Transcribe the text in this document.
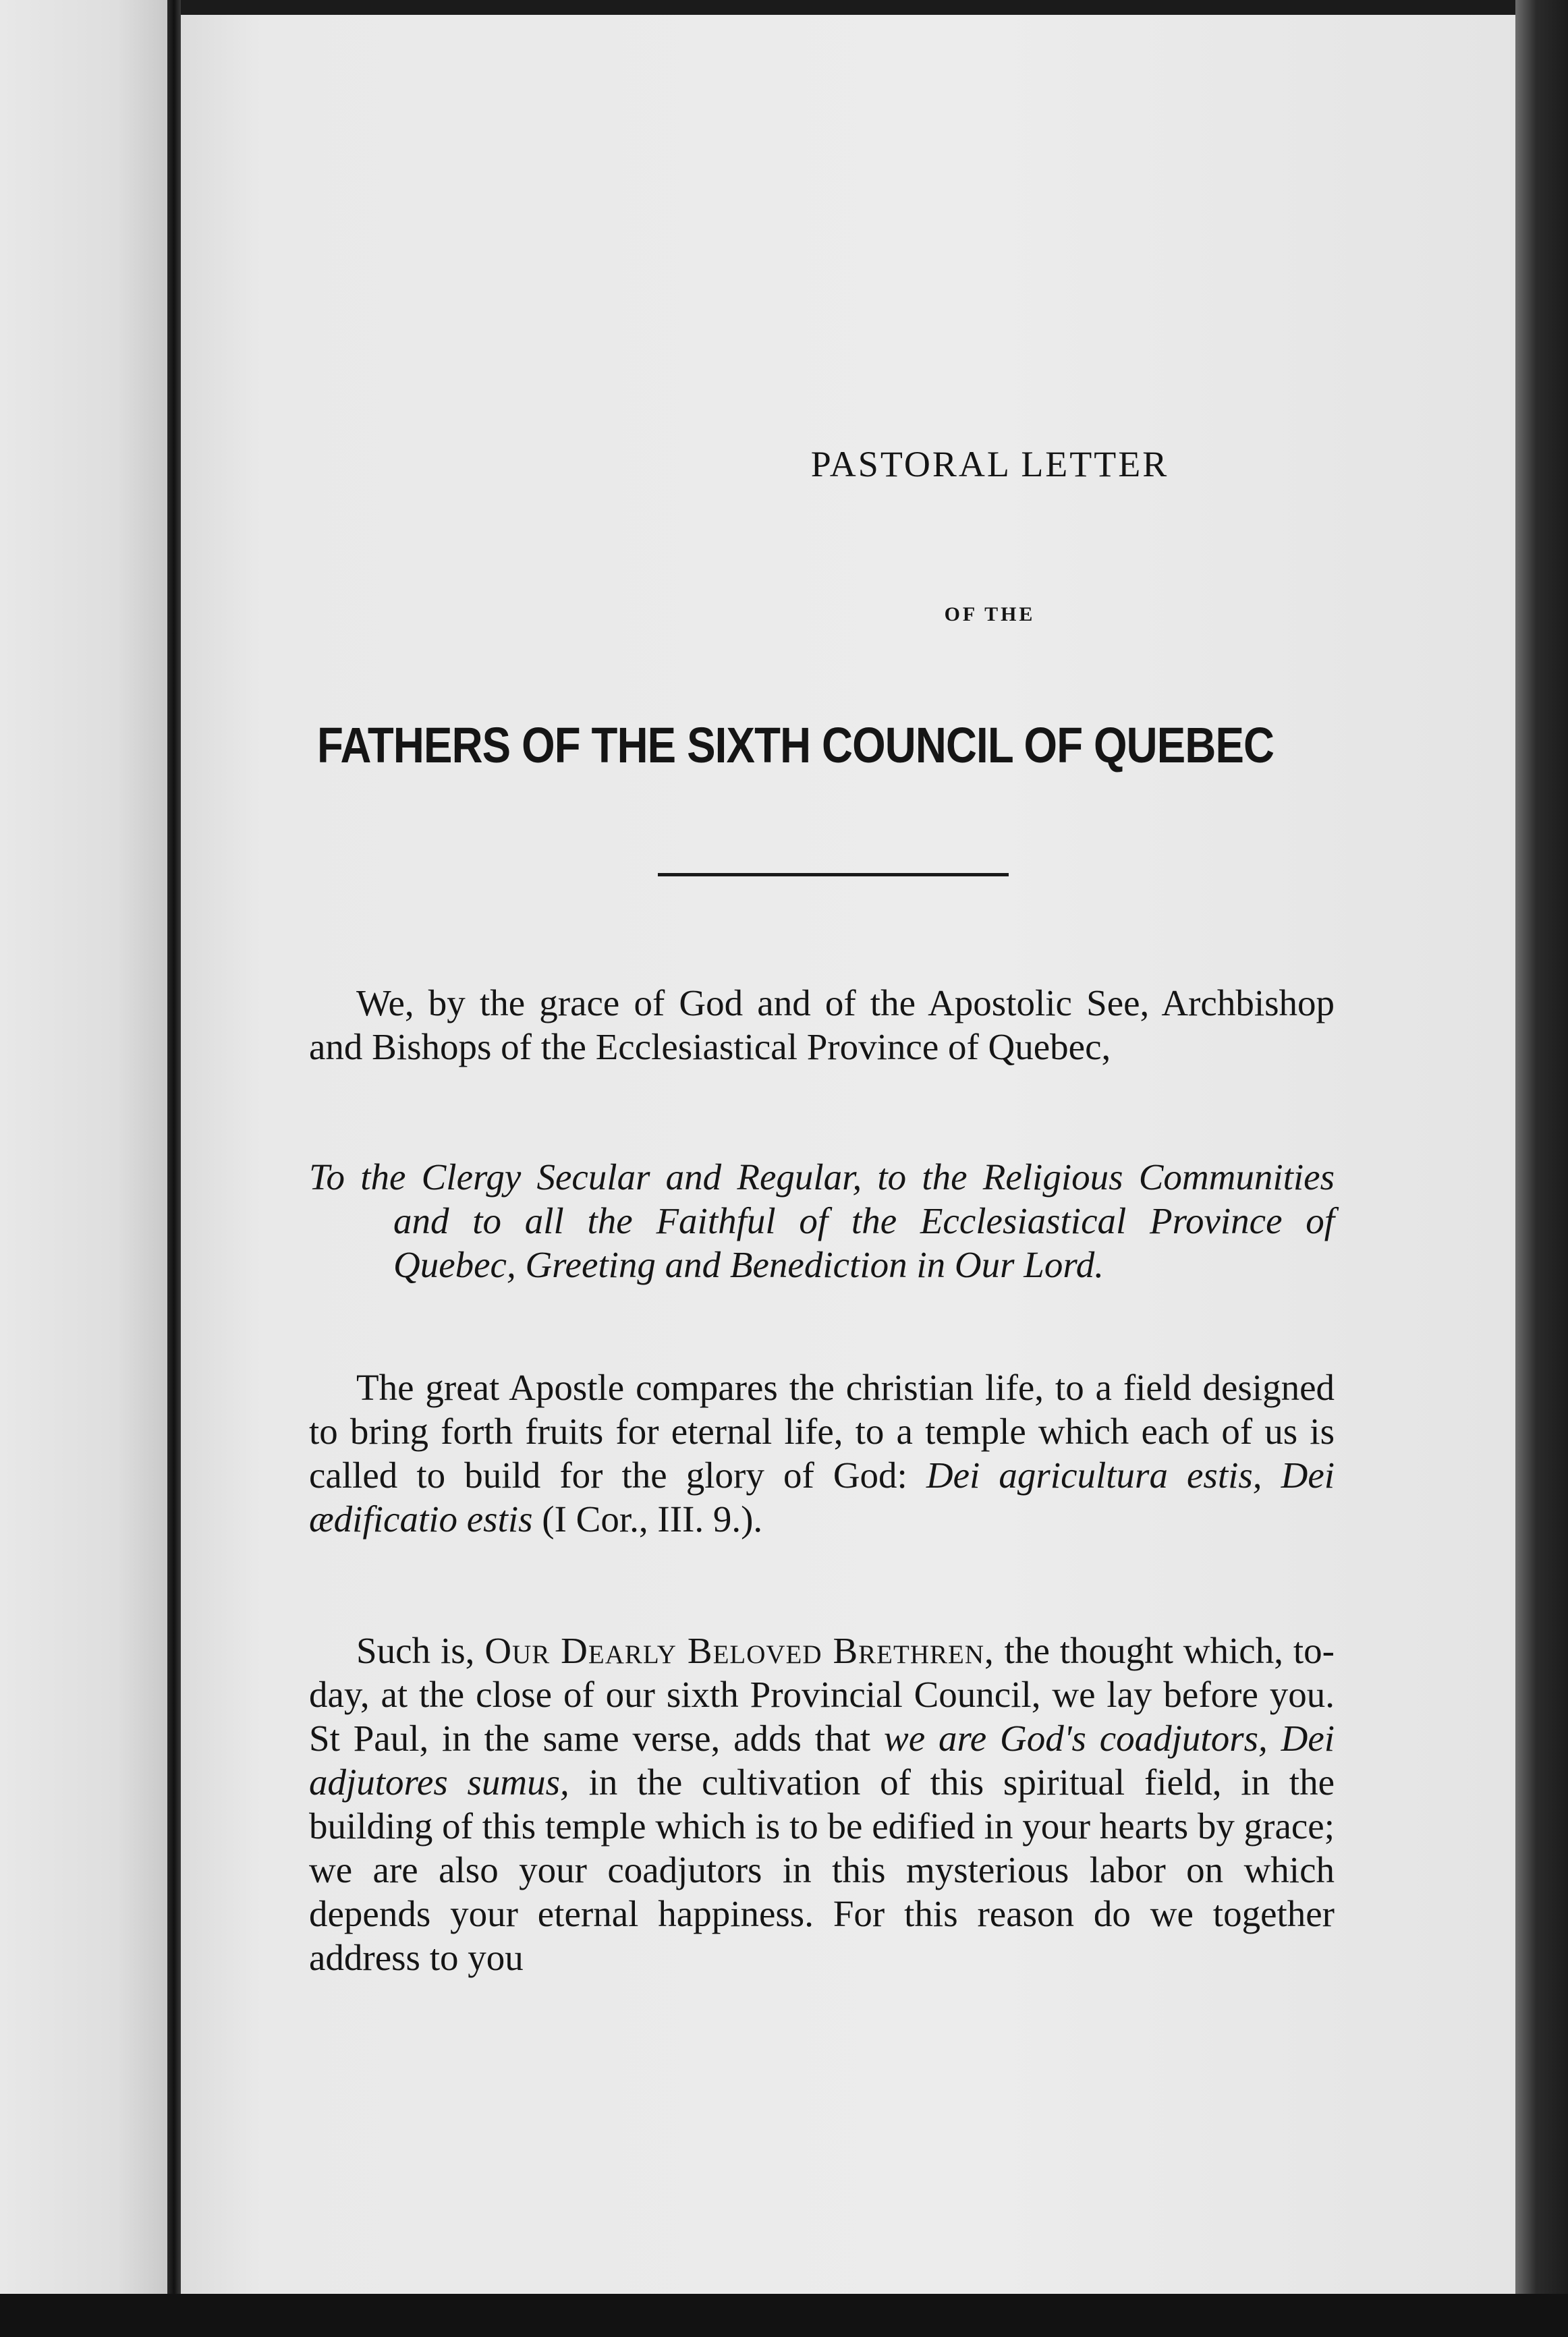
PASTORAL LETTER
OF THE
FATHERS OF THE SIXTH COUNCIL OF QUEBEC

We, by the grace of God and of the Apostolic See, Archbishop and Bishops of the Ecclesiastical Province of Quebec,

To the Clergy Secular and Regular, to the Religious Communities and to all the Faithful of the Ecclesiastical Province of Quebec, Greeting and Benediction in Our Lord.

The great Apostle compares the christian life, to a field designed to bring forth fruits for eternal life, to a temple which each of us is called to build for the glory of God: Dei agricultura estis, Dei ædificatio estis (I Cor., III. 9.).

Such is, Our Dearly Beloved Brethren, the thought which, to-day, at the close of our sixth Provincial Council, we lay before you. St Paul, in the same verse, adds that we are God's coadjutors, Dei adjutores sumus, in the cultivation of this spiritual field, in the building of this temple which is to be edified in your hearts by grace; we are also your coadjutors in this mysterious labor on which depends your eternal happiness. For this reason do we together address to you
